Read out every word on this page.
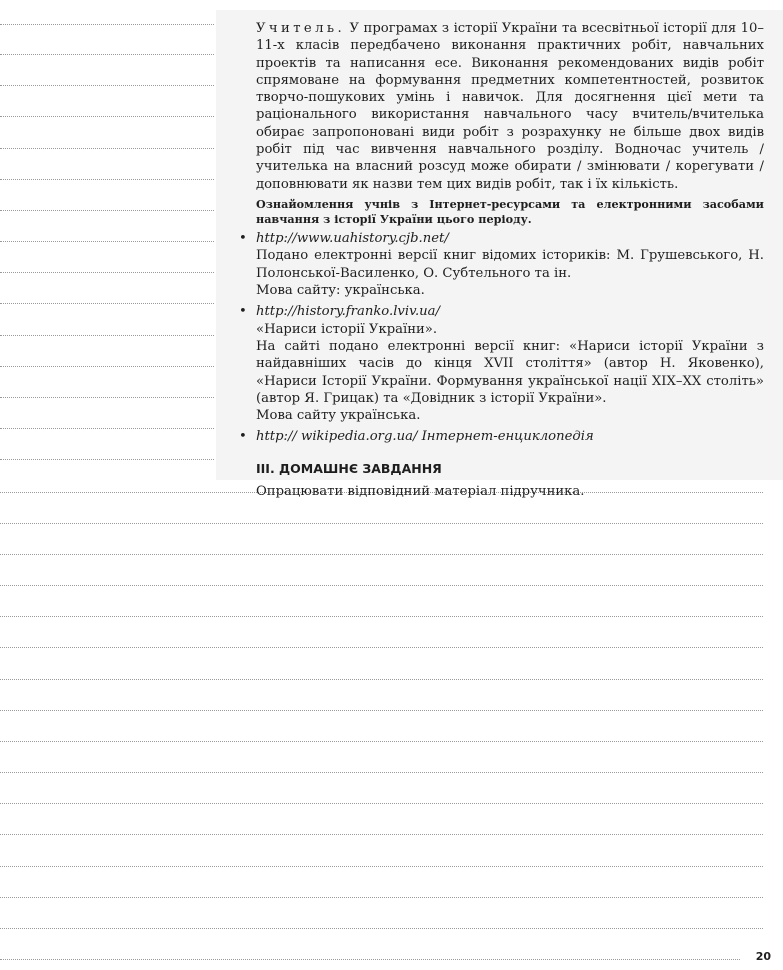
Учитель. У програмах з історії України та всесвітньої історії для 10–11-х класів передбачено виконання практичних робіт, навчальних проектів та написання есе. Виконання рекомендованих видів робіт спрямоване на формування предметних компетентностей, розвиток творчо-пошукових умінь і навичок. Для досягнення цієї мети та раціонального використання навчального часу вчитель/вчителька обирає запропоновані види робіт з розрахунку не більше двох видів робіт під час вивчення навчального розділу. Водночас учитель / учителька на власний розсуд може обирати / змінювати / корегувати / доповнювати як назви тем цих видів робіт, так і їх кількість.

Ознайомлення учнів з Інтернет-ресурсами та електронними засобами навчання з історії України цього періоду.

• http://www.uahistory.cjb.net/

Подано електронні версії книг відомих істориків: М. Грушевського, Н. Полонської-Василенко, О. Субтельного та ін.

Мова сайту: українська.

• http://history.franko.lviv.ua/

«Нариси історії України».

На сайті подано електронні версії книг: «Нариси історії України з найдавніших часів до кінця XVII століття» (автор Н. Яковенко), «Нариси Історії України. Формування української нації XIX–XX століть» (автор Я. Грицак) та «Довідник з історії України».

Мова сайту українська.

• http:// wikipedia.org.ua/ Інтернет-енциклопедія

ІІІ. ДОМАШНЄ ЗАВДАННЯ

Опрацювати відповідний матеріал підручника.

20
